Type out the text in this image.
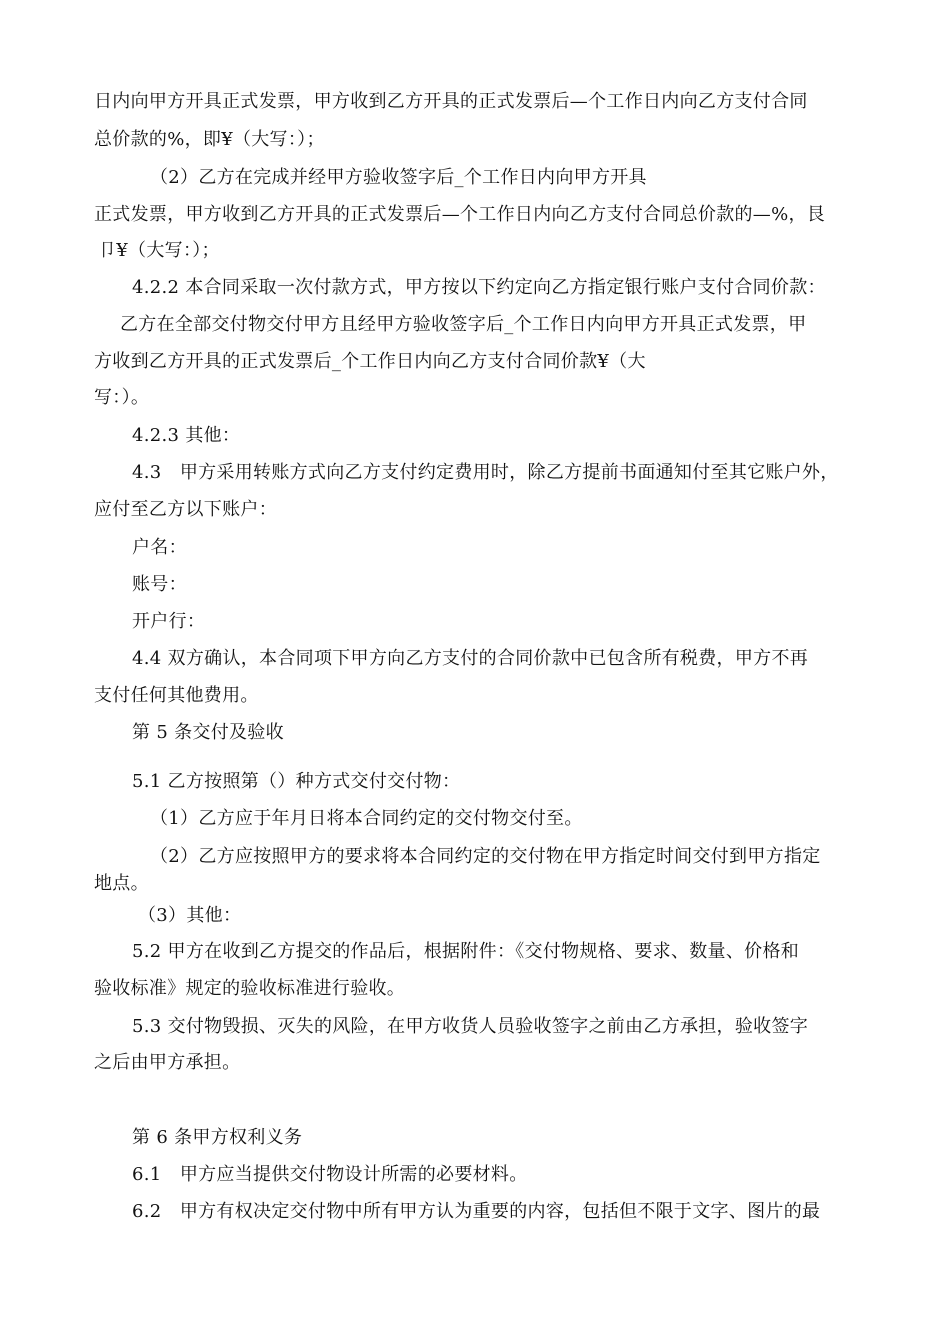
日内向甲方开具正式发票，甲方收到乙方开具的正式发票后—个工作日内向乙方支付合同
总价款的%，即¥（大写：）；
（2）乙方在完成并经甲方验收签字后_个工作日内向甲方开具
正式发票，甲方收到乙方开具的正式发票后—个工作日内向乙方支付合同总价款的—%，艮
卩¥（大写：）；
4.2.2 本合同采取一次付款方式，甲方按以下约定向乙方指定银行账户支付合同价款：
乙方在全部交付物交付甲方且经甲方验收签字后_个工作日内向甲方开具正式发票，甲
方收到乙方开具的正式发票后_个工作日内向乙方支付合同价款¥（大
写：）。
4.2.3 其他：
4.3　甲方采用转账方式向乙方支付约定费用时，除乙方提前书面通知付至其它账户外，
应付至乙方以下账户：
户名：
账号：
开户行：
4.4 双方确认，本合同项下甲方向乙方支付的合同价款中已包含所有税费，甲方不再
支付任何其他费用。
第 5 条交付及验收
5.1 乙方按照第（）种方式交付交付物：
（1）乙方应于年月日将本合同约定的交付物交付至。
（2）乙方应按照甲方的要求将本合同约定的交付物在甲方指定时间交付到甲方指定
地点。
（3）其他：
5.2 甲方在收到乙方提交的作品后，根据附件：《交付物规格、要求、数量、价格和
验收标准》规定的验收标准进行验收。
5.3 交付物毁损、灭失的风险，在甲方收货人员验收签字之前由乙方承担，验收签字
之后由甲方承担。
第 6 条甲方权利义务
6.1　甲方应当提供交付物设计所需的必要材料。
6.2　甲方有权决定交付物中所有甲方认为重要的内容，包括但不限于文字、图片的最
